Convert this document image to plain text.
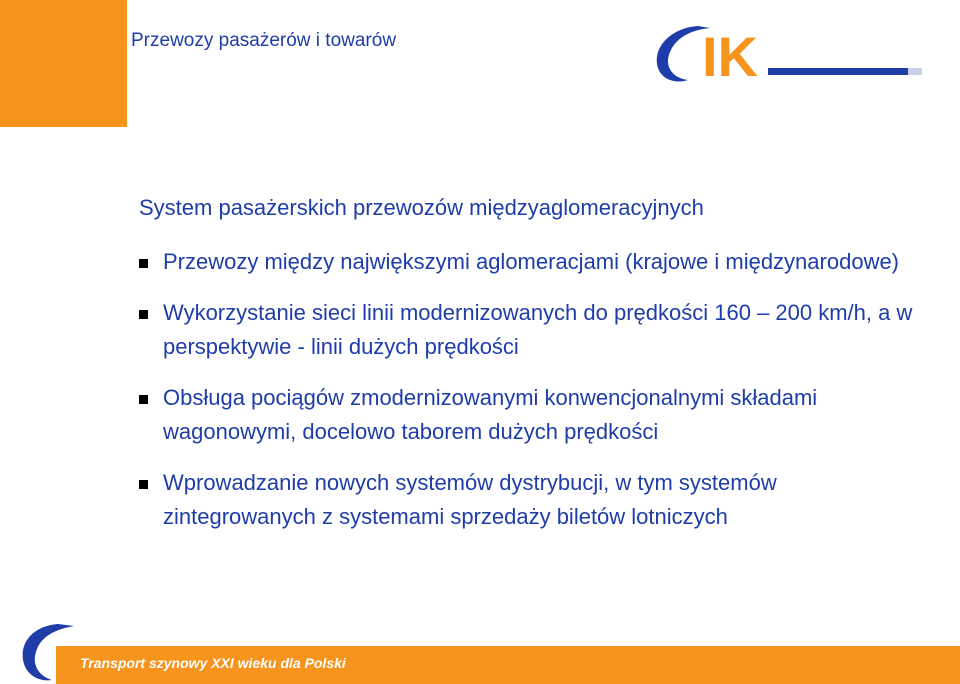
Przewozy pasażerów i towarów	IK
System pasażerskich przewozów międzyaglomeracyjnych
Przewozy między największymi aglomeracjami (krajowe i międzynarodowe)
Wykorzystanie sieci linii modernizowanych do prędkości 160 – 200 km/h, a w perspektywie - linii dużych prędkości
Obsługa pociągów zmodernizowanymi konwencjonalnymi składami wagonowymi, docelowo taborem dużych prędkości
Wprowadzanie nowych systemów dystrybucji, w tym systemów zintegrowanych z systemami sprzedaży biletów lotniczych
Transport szynowy XXI wieku dla Polski
